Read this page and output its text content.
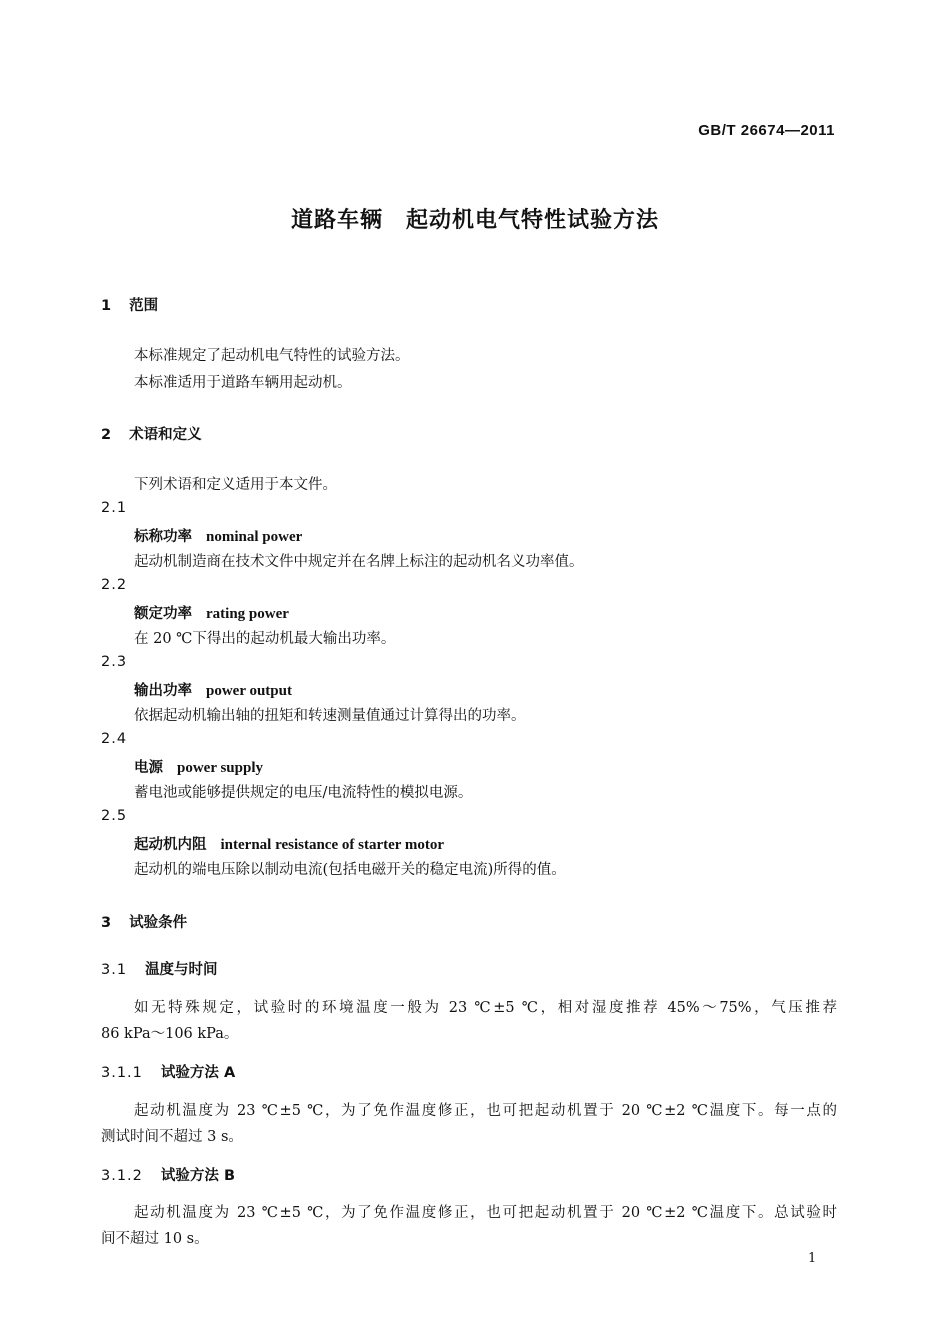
GB/T 26674—2011
道路车辆　起动机电气特性试验方法
1 范围
本标准规定了起动机电气特性的试验方法。
本标准适用于道路车辆用起动机。
2 术语和定义
下列术语和定义适用于本文件。
2.1
标称功率 nominal power
起动机制造商在技术文件中规定并在名牌上标注的起动机名义功率值。
2.2
额定功率 rating power
在 20 ℃下得出的起动机最大输出功率。
2.3
输出功率 power output
依据起动机输出轴的扭矩和转速测量值通过计算得出的功率。
2.4
电源 power supply
蓄电池或能够提供规定的电压/电流特性的模拟电源。
2.5
起动机内阻 internal resistance of starter motor
起动机的端电压除以制动电流(包括电磁开关的稳定电流)所得的值。
3 试验条件
3.1 温度与时间
如无特殊规定，试验时的环境温度一般为 23 ℃±5 ℃，相对湿度推荐 45%～75%，气压推荐
86 kPa～106 kPa。
3.1.1 试验方法 A
起动机温度为 23 ℃±5 ℃，为了免作温度修正，也可把起动机置于 20 ℃±2 ℃温度下。每一点的
测试时间不超过 3 s。
3.1.2 试验方法 B
起动机温度为 23 ℃±5 ℃，为了免作温度修正，也可把起动机置于 20 ℃±2 ℃温度下。总试验时
间不超过 10 s。
1
